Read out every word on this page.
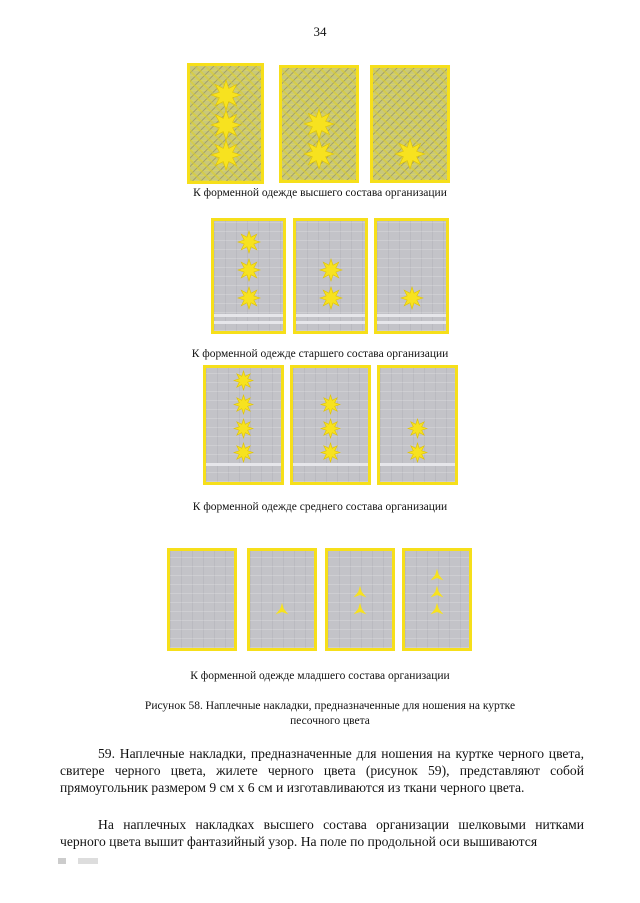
34
К форменной одежде высшего состава организации
К форменной одежде старшего состава организации
К форменной одежде среднего состава организации
К форменной одежде младшего состава организации
Рисунок 58. Наплечные накладки, предназначенные для ношения на куртке
песочного цвета

59. Наплечные накладки, предназначенные для ношения на куртке черного цвета, свитере черного цвета, жилете черного цвета (рисунок 59), представляют собой прямоугольник размером 9 см х 6 см и изготавливаются из ткани черного цвета.

На наплечных накладках высшего состава организации шелковыми нитками черного цвета вышит фантазийный узор. На поле по продольной оси вышиваются
